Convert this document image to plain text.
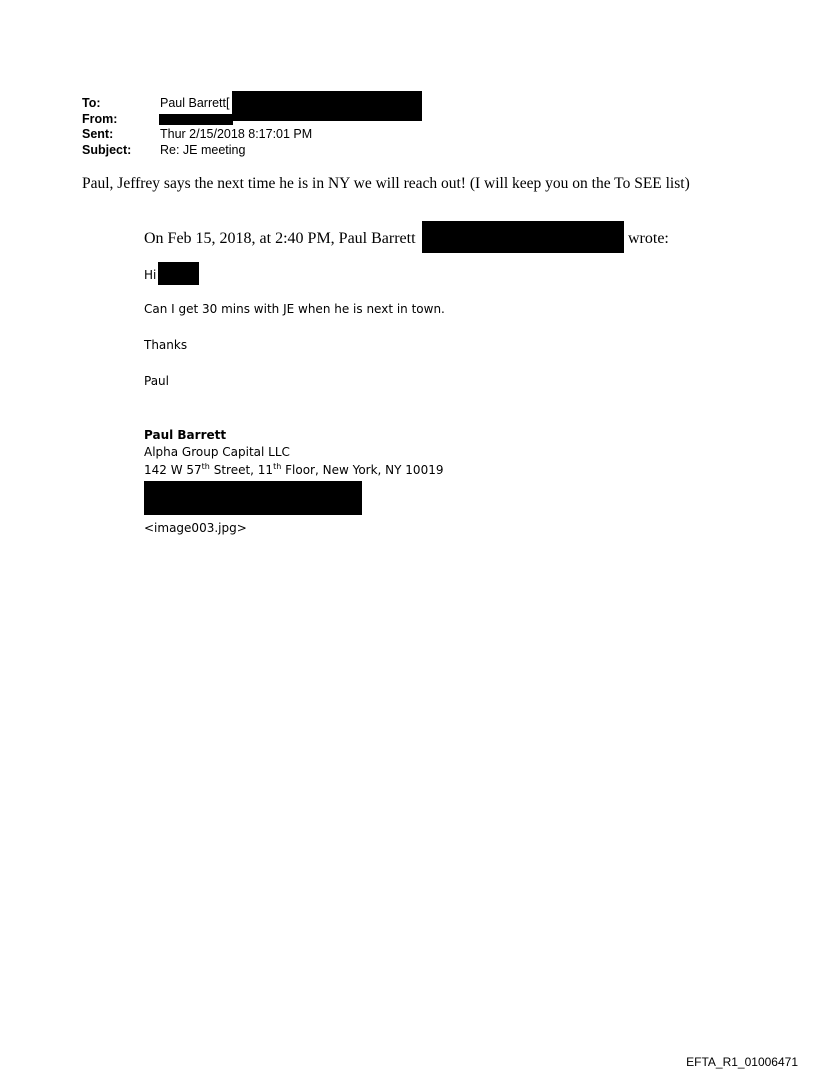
To:	Paul Barrett[
From:
Sent:	Thur 2/15/2018 8:17:01 PM
Subject: Re: JE meeting
Paul, Jeffrey says the next time he is in NY we will reach out! (I will keep you on the To SEE list)
On Feb 15, 2018, at 2:40 PM, Paul Barrett	wrote:
Hi
Can I get 30 mins with JE when he is next in town.
Thanks
Paul
Paul Barrett
Alpha Group Capital LLC
142 W 57th Street, 11th Floor, New York, NY 10019
<image003.jpg>
EFTA_R1_01006471
